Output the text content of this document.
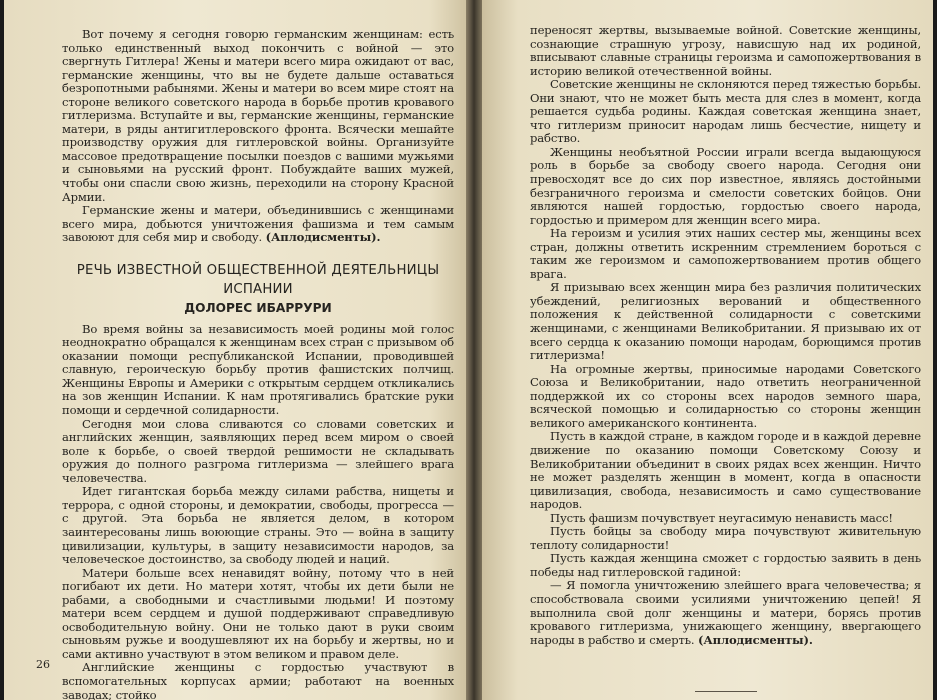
Вот почему я сегодня говорю германским женщинам: есть только единственный выход покончить с войной — это свергнуть Гитлера! Жены и матери всего мира ожидают от вас, германские женщины, что вы не будете дальше оставаться безропотными рабынями. Жены и матери во всем мире стоят на стороне великого советского народа в борьбе против кровавого гитлеризма. Вступайте и вы, германские женщины, германские матери, в ряды антигитлеровского фронта. Всячески мешайте производству оружия для гитлеровской войны. Организуйте массовое предотвращение посылки поездов с вашими мужьями и сыновьями на русский фронт. Побуждайте ваших мужей, чтобы они спасли свою жизнь, переходили на сторону Красной Армии.

Германские жены и матери, объединившись с женщинами всего мира, добьются уничтожения фашизма и тем самым завоюют для себя мир и свободу. (Аплодисменты).

РЕЧЬ ИЗВЕСТНОЙ ОБЩЕСТВЕННОЙ ДЕЯТЕЛЬНИЦЫ
ИСПАНИИ
ДОЛОРЕС ИБАРРУРИ

Во время войны за независимость моей родины мой голос неоднократно обращался к женщинам всех стран с призывом об оказании помощи республиканской Испании, проводившей славную, героическую борьбу против фашистских полчищ. Женщины Европы и Америки с открытым сердцем откликались на зов женщин Испании. К нам протягивались братские руки помощи и сердечной солидарности.

Сегодня мои слова сливаются со словами советских и английских женщин, заявляющих перед всем миром о своей воле к борьбе, о своей твердой решимости не складывать оружия до полного разгрома гитлеризма — злейшего врага человечества.

Идет гигантская борьба между силами рабства, нищеты и террора, с одной стороны, и демократии, свободы, прогресса — с другой. Эта борьба не является делом, в котором заинтересованы лишь воюющие страны. Это — война в защиту цивилизации, культуры, в защиту независимости народов, за человеческое достоинство, за свободу людей и наций.

Матери больше всех ненавидят войну, потому что в ней погибают их дети. Но матери хотят, чтобы их дети были не рабами, а свободными и счастливыми людьми! И поэтому матери всем сердцем и душой поддерживают справедливую освободительную войну. Они не только дают в руки своим сыновьям ружье и воодушевляют их на борьбу и жертвы, но и сами активно участвуют в этом великом и правом деле.

Английские женщины с гордостью участвуют в вспомогательных корпусах армии; работают на военных заводах; стойко

26

переносят жертвы, вызываемые войной. Советские женщины, сознающие страшную угрозу, нависшую над их родиной, вписывают славные страницы героизма и самопожертвования в историю великой отечественной войны.

Советские женщины не склоняются перед тяжестью борьбы. Они знают, что не может быть места для слез в момент, когда решается судьба родины. Каждая советская женщина знает, что гитлеризм приносит народам лишь бесчестие, нищету и рабство.

Женщины необъятной России играли всегда выдающуюся роль в борьбе за свободу своего народа. Сегодня они превосходят все до сих пор известное, являясь достойными безграничного героизма и смелости советских бойцов. Они являются нашей гордостью, гордостью своего народа, гордостью и примером для женщин всего мира.

На героизм и усилия этих наших сестер мы, женщины всех стран, должны ответить искренним стремлением бороться с таким же героизмом и самопожертвованием против общего врага.

Я призываю всех женщин мира без различия политических убеждений, религиозных верований и общественного положения к действенной солидарности с советскими женщинами, с женщинами Великобритании. Я призываю их от всего сердца к оказанию помощи народам, борющимся против гитлеризма!

На огромные жертвы, приносимые народами Советского Союза и Великобритании, надо ответить неограниченной поддержкой их со стороны всех народов земного шара, всяческой помощью и солидарностью со стороны женщин великого американского континента.

Пусть в каждой стране, в каждом городе и в каждой деревне движение по оказанию помощи Советскому Союзу и Великобритании объединит в своих рядах всех женщин. Ничто не может разделять женщин в момент, когда в опасности цивилизация, свобода, независимость и само существование народов.

Пусть фашизм почувствует неугасимую ненависть масс!

Пусть бойцы за свободу мира почувствуют живительную теплоту солидарности!

Пусть каждая женщина сможет с гордостью заявить в день победы над гитлеровской гадиной:

— Я помогла уничтожению злейшего врага человечества; я способствовала своими усилиями уничтожению цепей! Я выполнила свой долг женщины и матери, борясь против кровавого гитлеризма, унижающего женщину, ввергающего народы в рабство и смерть. (Аплодисменты).
